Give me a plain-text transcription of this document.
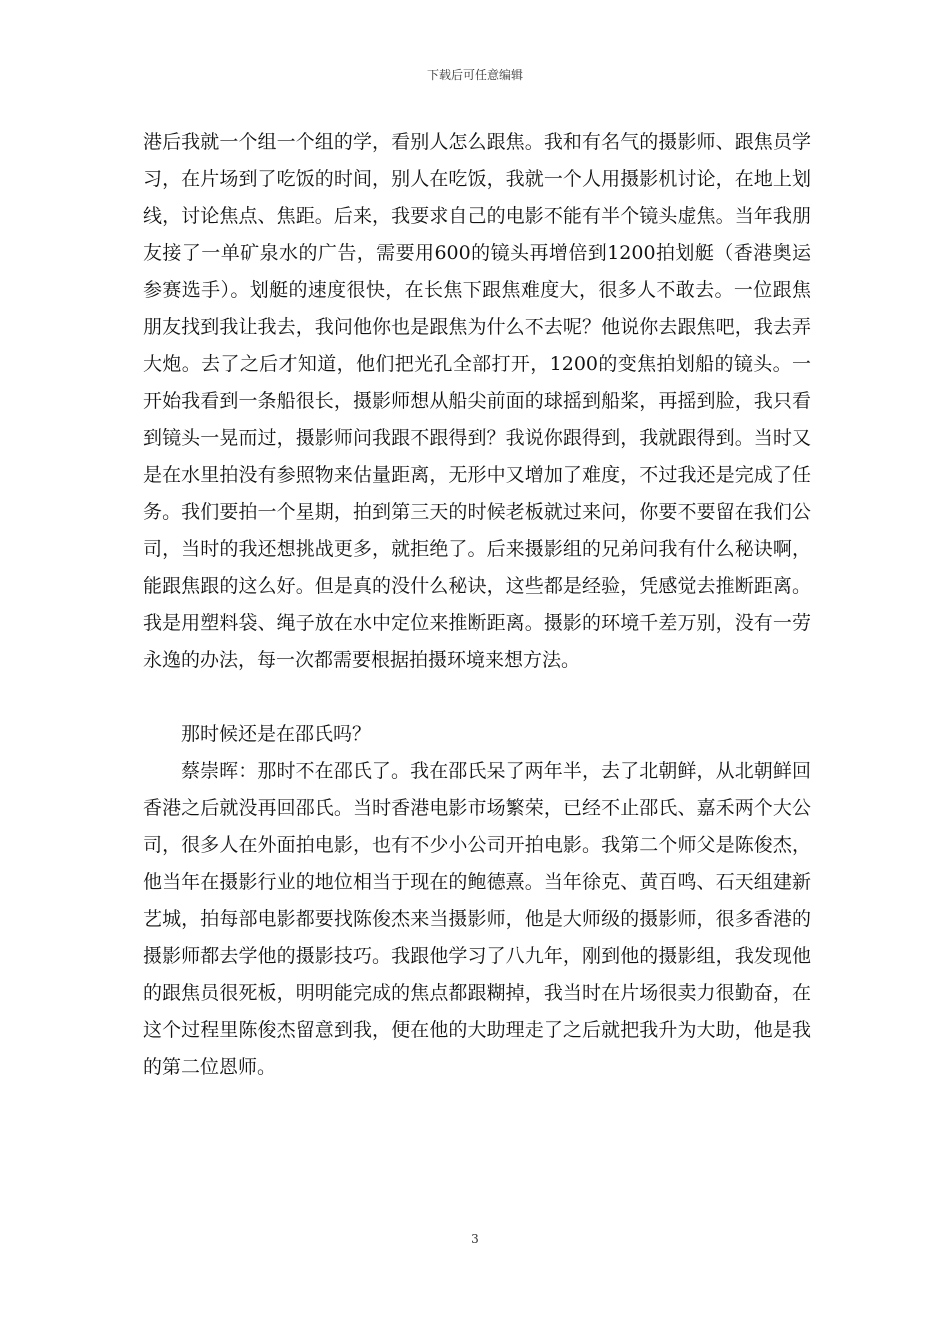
下载后可任意编辑

港后我就一个组一个组的学，看别人怎么跟焦。我和有名气的摄影师、跟焦员学习，在片场到了吃饭的时间，别人在吃饭，我就一个人用摄影机讨论，在地上划线，讨论焦点、焦距。后来，我要求自己的电影不能有半个镜头虚焦。当年我朋友接了一单矿泉水的广告，需要用600的镜头再增倍到1200拍划艇（香港奥运参赛选手）。划艇的速度很快，在长焦下跟焦难度大，很多人不敢去。一位跟焦朋友找到我让我去，我问他你也是跟焦为什么不去呢？他说你去跟焦吧，我去弄大炮。去了之后才知道，他们把光孔全部打开，1200的变焦拍划船的镜头。一开始我看到一条船很长，摄影师想从船尖前面的球摇到船桨，再摇到脸，我只看到镜头一晃而过，摄影师问我跟不跟得到？我说你跟得到，我就跟得到。当时又是在水里拍没有参照物来估量距离，无形中又增加了难度，不过我还是完成了任务。我们要拍一个星期，拍到第三天的时候老板就过来问，你要不要留在我们公司，当时的我还想挑战更多，就拒绝了。后来摄影组的兄弟问我有什么秘诀啊，能跟焦跟的这么好。但是真的没什么秘诀，这些都是经验，凭感觉去推断距离。我是用塑料袋、绳子放在水中定位来推断距离。摄影的环境千差万别，没有一劳永逸的办法，每一次都需要根据拍摄环境来想方法。

那时候还是在邵氏吗？

蔡崇晖：那时不在邵氏了。我在邵氏呆了两年半，去了北朝鲜，从北朝鲜回香港之后就没再回邵氏。当时香港电影市场繁荣，已经不止邵氏、嘉禾两个大公司，很多人在外面拍电影，也有不少小公司开拍电影。我第二个师父是陈俊杰，他当年在摄影行业的地位相当于现在的鲍德熹。当年徐克、黄百鸣、石天组建新艺城，拍每部电影都要找陈俊杰来当摄影师，他是大师级的摄影师，很多香港的摄影师都去学他的摄影技巧。我跟他学习了八九年，刚到他的摄影组，我发现他的跟焦员很死板，明明能完成的焦点都跟糊掉，我当时在片场很卖力很勤奋，在这个过程里陈俊杰留意到我，便在他的大助理走了之后就把我升为大助，他是我的第二位恩师。

3
